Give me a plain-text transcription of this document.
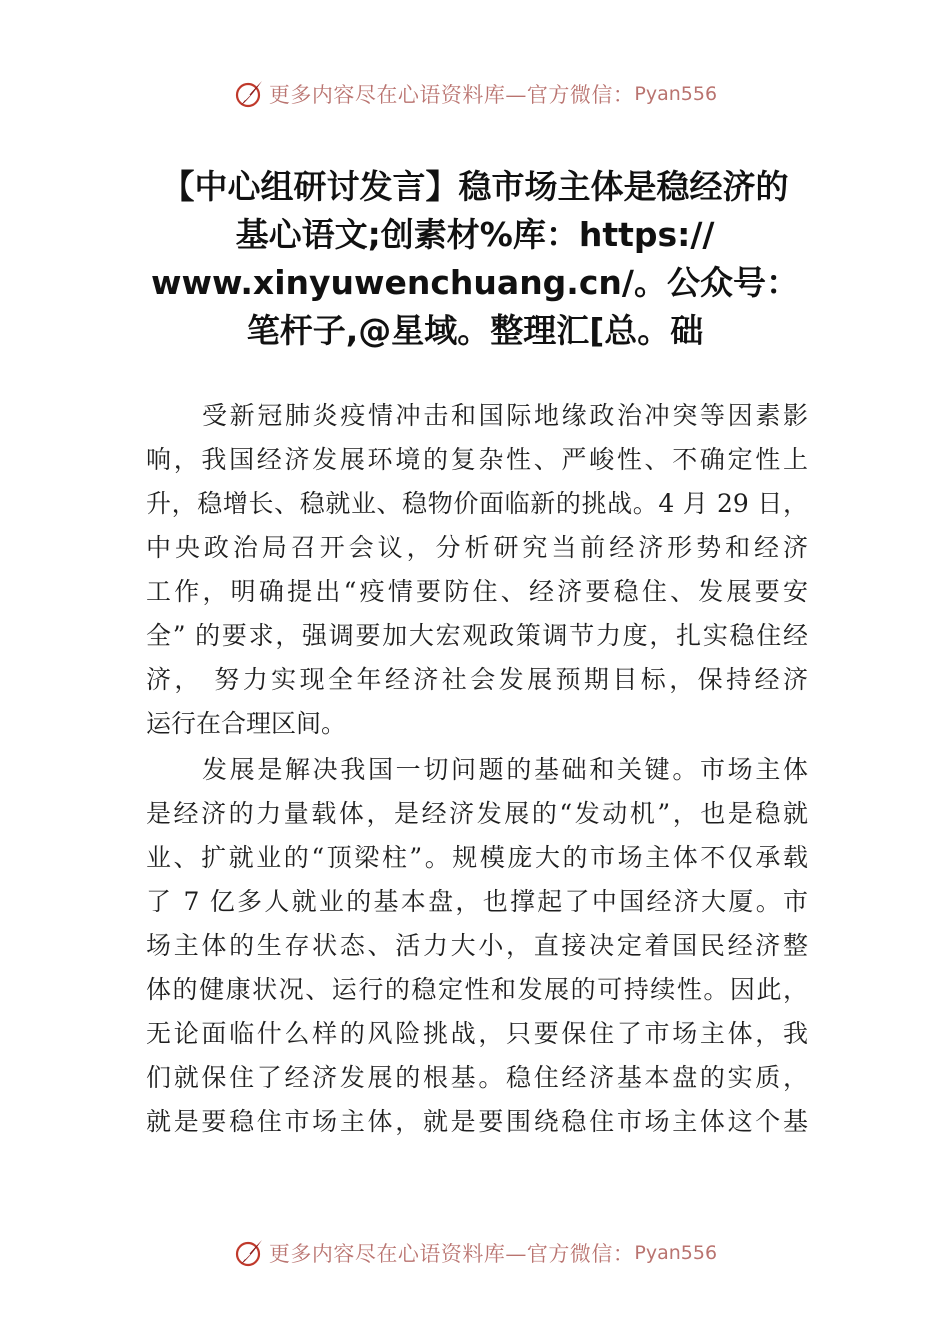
更多内容尽在心语资料库—官方微信： Pyan556
【中心组研讨发言】稳市场主体是稳经济的
基心语文;创素材%库：https://
www.xinyuwenchuang.cn/。公众号：
笔杆子,@星域。整理汇[总。础
受新冠肺炎疫情冲击和国际地缘政治冲突等因素影
响，我国经济发展环境的复杂性、严峻性、不确定性上
升，稳增长、稳就业、稳物价面临新的挑战。4 月 29 日，
中央政治局召开会议，分析研究当前经济形势和经济
工作，明确提出“疫情要防住、经济要稳住、发展要安
全” 的要求，强调要加大宏观政策调节力度，扎实稳住经
济， 努力实现全年经济社会发展预期目标，保持经济
运行在合理区间。
发展是解决我国一切问题的基础和关键。市场主体
是经济的力量载体，是经济发展的“发动机”，也是稳就
业、扩就业的“顶梁柱”。规模庞大的市场主体不仅承载
了 7 亿多人就业的基本盘，也撑起了中国经济大厦。市
场主体的生存状态、活力大小，直接决定着国民经济整
体的健康状况、运行的稳定性和发展的可持续性。因此，
无论面临什么样的风险挑战，只要保住了市场主体，我
们就保住了经济发展的根基。稳住经济基本盘的实质，
就是要稳住市场主体，就是要围绕稳住市场主体这个基
更多内容尽在心语资料库—官方微信： Pyan556
